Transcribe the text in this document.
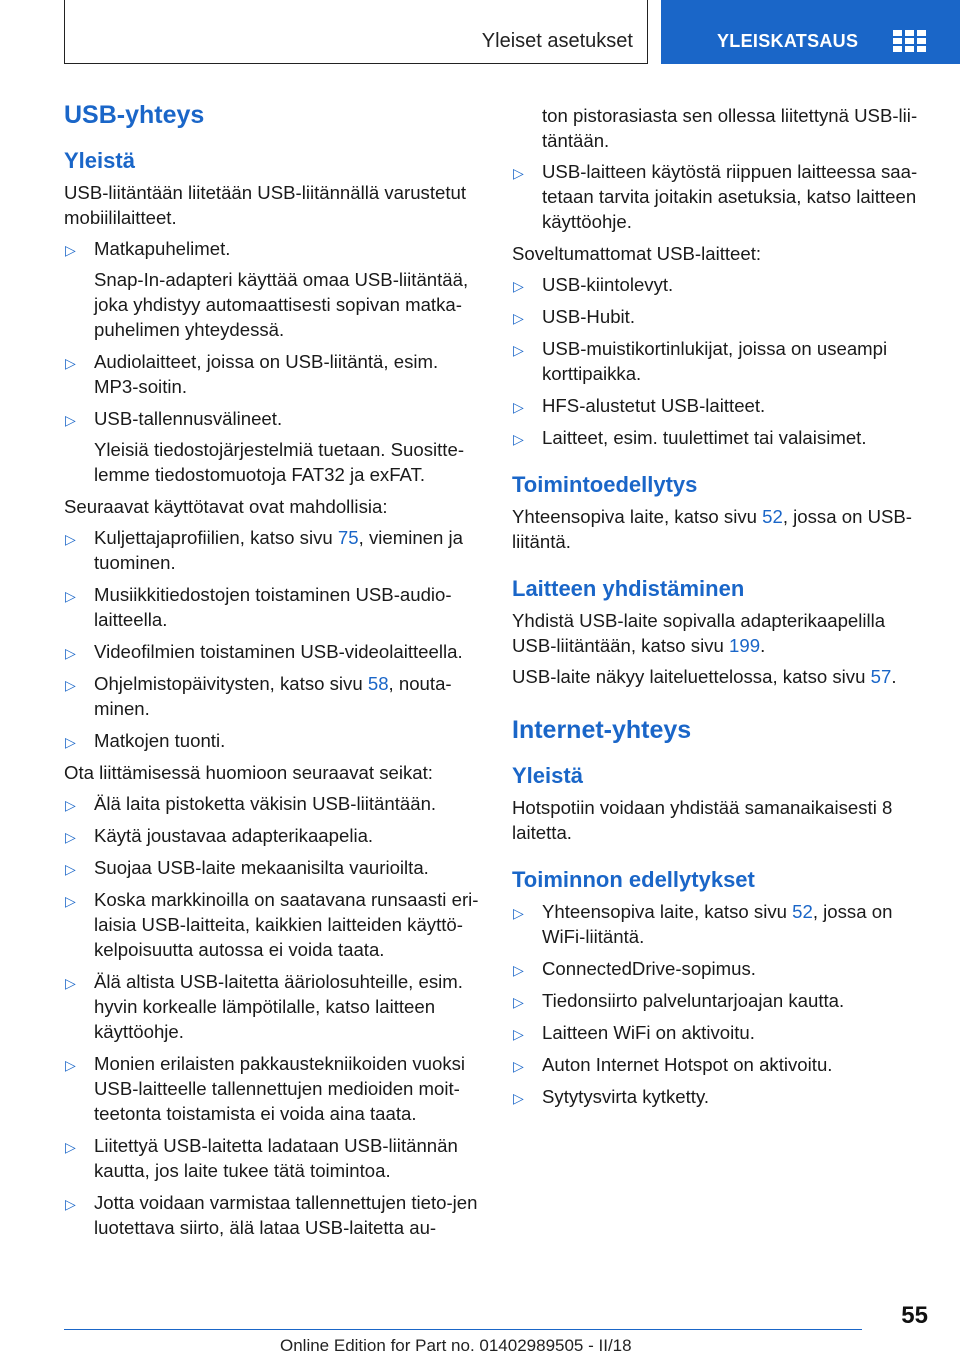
Yleiset asetukset	YLEISKATSAUS
USB-yhteys
Yleistä

USB-liitäntään liitetään USB-liitännällä varustetut mobiililaitteet.

▷ Matkapuhelimet.
Snap-In-adapteri käyttää omaa USB-liitäntää, joka yhdistyy automaattisesti sopivan matka-puhelimen yhteydessä.
▷ Audiolaitteet, joissa on USB-liitäntä, esim. MP3-soitin.
▷ USB-tallennusvälineet.
Yleisiä tiedostojärjestelmiä tuetaan. Suositte-lemme tiedostomuotoja FAT32 ja exFAT.

Seuraavat käyttötavat ovat mahdollisia:

▷ Kuljettajaprofiilien, katso sivu 75, vieminen ja tuominen.
▷ Musiikkitiedostojen toistaminen USB-audio-laitteella.
▷ Videofilmien toistaminen USB-videolaitteella.
▷ Ohjelmistopäivitysten, katso sivu 58, nouta-minen.
▷ Matkojen tuonti.

Ota liittämisessä huomioon seuraavat seikat:

▷ Älä laita pistoketta väkisin USB-liitäntään.
▷ Käytä joustavaa adapterikaapelia.
▷ Suojaa USB-laite mekaanisilta vaurioilta.
▷ Koska markkinoilla on saatavana runsaasti eri-laisia USB-laitteita, kaikkien laitteiden käyttö-kelpoisuutta autossa ei voida taata.
▷ Älä altista USB-laitetta ääriolosuhteille, esim. hyvin korkealle lämpötilalle, katso laitteen käyttöohje.
▷ Monien erilaisten pakkaustekniikoiden vuoksi USB-laitteelle tallennettujen medioiden moit-teetonta toistamista ei voida aina taata.
▷ Liitettyä USB-laitetta ladataan USB-liitännän kautta, jos laite tukee tätä toimintoa.
▷ Jotta voidaan varmistaa tallennettujen tieto-jen luotettava siirto, älä lataa USB-laitetta au-

ton pistorasiasta sen ollessa liitettynä USB-lii-täntään.

▷ USB-laitteen käytöstä riippuen laitteessa saa-tetaan tarvita joitakin asetuksia, katso laitteen käyttöohje.

Soveltumattomat USB-laitteet:

▷ USB-kiintolevyt.
▷ USB-Hubit.
▷ USB-muistikortinlukijat, joissa on useampi korttipaikka.
▷ HFS-alustetut USB-laitteet.
▷ Laitteet, esim. tuulettimet tai valaisimet.
Toimintoedellytys

Yhteensopiva laite, katso sivu 52, jossa on USB-liitäntä.

Laitteen yhdistäminen

Yhdistä USB-laite sopivalla adapterikaapelilla USB-liitäntään, katso sivu 199.

USB-laite näkyy laiteluettelossa, katso sivu 57.

Internet-yhteys
Yleistä

Hotspotiin voidaan yhdistää samanaikaisesti 8 laitetta.

Toiminnon edellytykset
▷ Yhteensopiva laite, katso sivu 52, jossa on WiFi-liitäntä.
▷ ConnectedDrive-sopimus.
▷ Tiedonsiirto palveluntarjoajan kautta.
▷ Laitteen WiFi on aktivoitu.
▷ Auton Internet Hotspot on aktivoitu.
▷ Sytytysvirta kytketty.
55
Online Edition for Part no. 01402989505 - II/18
